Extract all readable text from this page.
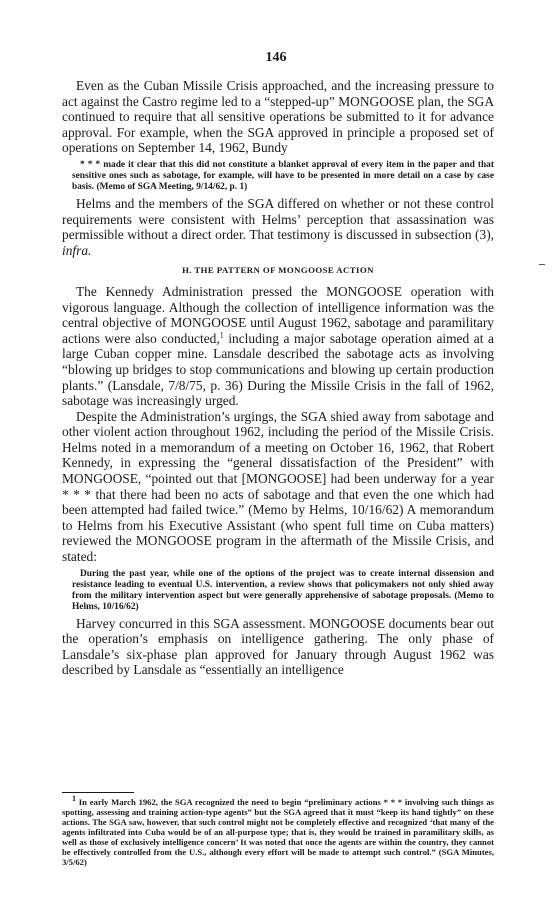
146

Even as the Cuban Missile Crisis approached, and the increasing pressure to act against the Castro regime led to a “stepped-up” MONGOOSE plan, the SGA continued to require that all sensitive operations be submitted to it for advance approval. For example, when the SGA approved in principle a proposed set of operations on September 14, 1962, Bundy

* * * made it clear that this did not constitute a blanket approval of every item in the paper and that sensitive ones such as sabotage, for example, will have to be presented in more detail on a case by case basis. (Memo of SGA Meeting, 9/14/62, p. 1)

Helms and the members of the SGA differed on whether or not these control requirements were consistent with Helms’ perception that assassination was permissible without a direct order. That testimony is discussed in subsection (3), infra.

H. THE PATTERN OF MONGOOSE ACTION

The Kennedy Administration pressed the MONGOOSE operation with vigorous language. Although the collection of intelligence information was the central objective of MONGOOSE until August 1962, sabotage and paramilitary actions were also conducted,$^1$ including a major sabotage operation aimed at a large Cuban copper mine. Lansdale described the sabotage acts as involving “blowing up bridges to stop communications and blowing up certain production plants.” (Lansdale, 7/8/75, p. 36) During the Missile Crisis in the fall of 1962, sabotage was increasingly urged.

Despite the Administration’s urgings, the SGA shied away from sabotage and other violent action throughout 1962, including the period of the Missile Crisis. Helms noted in a memorandum of a meeting on October 16, 1962, that Robert Kennedy, in expressing the “general dissatisfaction of the President” with MONGOOSE, “pointed out that [MONGOOSE] had been underway for a year * * * that there had been no acts of sabotage and that even the one which had been attempted had failed twice.” (Memo by Helms, 10/16/62) A memorandum to Helms from his Executive Assistant (who spent full time on Cuba matters) reviewed the MONGOOSE program in the aftermath of the Missile Crisis, and stated:

During the past year, while one of the options of the project was to create internal dissension and resistance leading to eventual U.S. intervention, a review shows that policymakers not only shied away from the military intervention aspect but were generally apprehensive of sabotage proposals. (Memo to Helms, 10/16/62)

Harvey concurred in this SGA assessment. MONGOOSE documents bear out the operation’s emphasis on intelligence gathering. The only phase of Lansdale’s six-phase plan approved for January through August 1962 was described by Lansdale as “essentially an intelligence

1 In early March 1962, the SGA recognized the need to begin “preliminary actions * * * involving such things as spotting, assessing and training action-type agents” but the SGA agreed that it must “keep its hand tightly” on these actions. The SGA saw, however, that such control might not be completely effective and recognized ‘that many of the agents infiltrated into Cuba would be of an all-purpose type; that is, they would be trained in paramilitary skills, as well as those of exclusively intelligence concern’ It was noted that once the agents are within the country, they cannot be effectively controlled from the U.S., although every effort will be made to attempt such control.” (SGA Minutes, 3/5/62)
